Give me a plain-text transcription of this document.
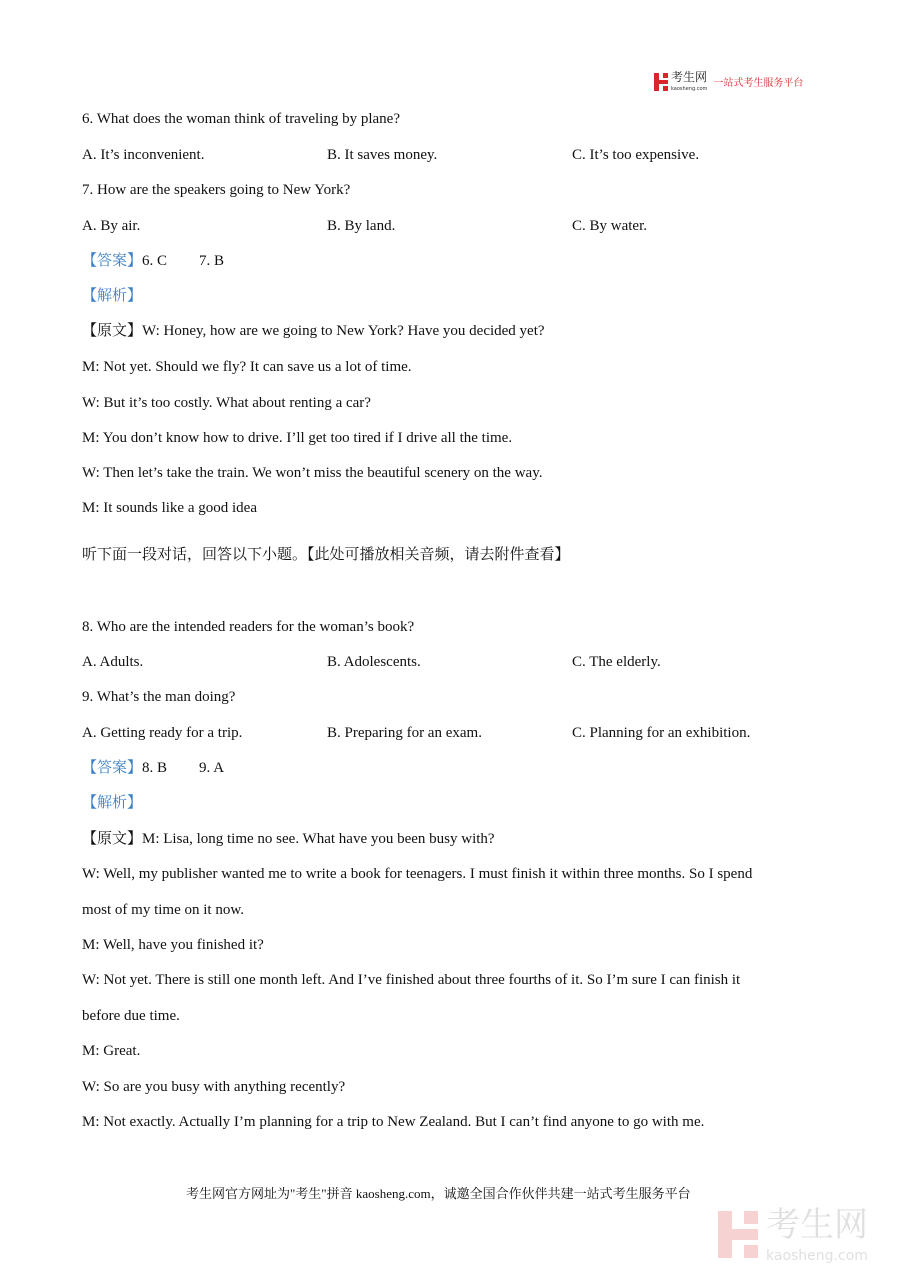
考生网
kaosheng.com 一站式考生服务平台
6. What does the woman think of traveling by plane?
A. It’s inconvenient.	B. It saves money.	C. It’s too expensive.
7. How are the speakers going to New York?
A. By air.	B. By land.	C. By water.
【答案】6. C 7. B
【解析】
【原文】W: Honey, how are we going to New York? Have you decided yet?
M: Not yet. Should we fly? It can save us a lot of time.
W: But it’s too costly. What about renting a car?
M: You don’t know how to drive. I’ll get too tired if I drive all the time.
W: Then let’s take the train. We won’t miss the beautiful scenery on the way.
M: It sounds like a good idea
听下面一段对话，回答以下小题。【此处可播放相关音频，请去附件查看】
8. Who are the intended readers for the woman’s book?
A. Adults.	B. Adolescents.	C. The elderly.
9. What’s the man doing?
A. Getting ready for a trip.	B. Preparing for an exam.	C. Planning for an exhibition.
【答案】8. B 9. A
【解析】
【原文】M: Lisa, long time no see. What have you been busy with?
W: Well, my publisher wanted me to write a book for teenagers. I must finish it within three months. So I spend
most of my time on it now.
M: Well, have you finished it?
W: Not yet. There is still one month left. And I’ve finished about three fourths of it. So I’m sure I can finish it
before due time.
M: Great.
W: So are you busy with anything recently?
M: Not exactly. Actually I’m planning for a trip to New Zealand. But I can’t find anyone to go with me.
考生网官方网址为"考生"拼音 kaosheng.com，诚邀全国合作伙伴共建一站式考生服务平台
考生网
kaosheng.com
